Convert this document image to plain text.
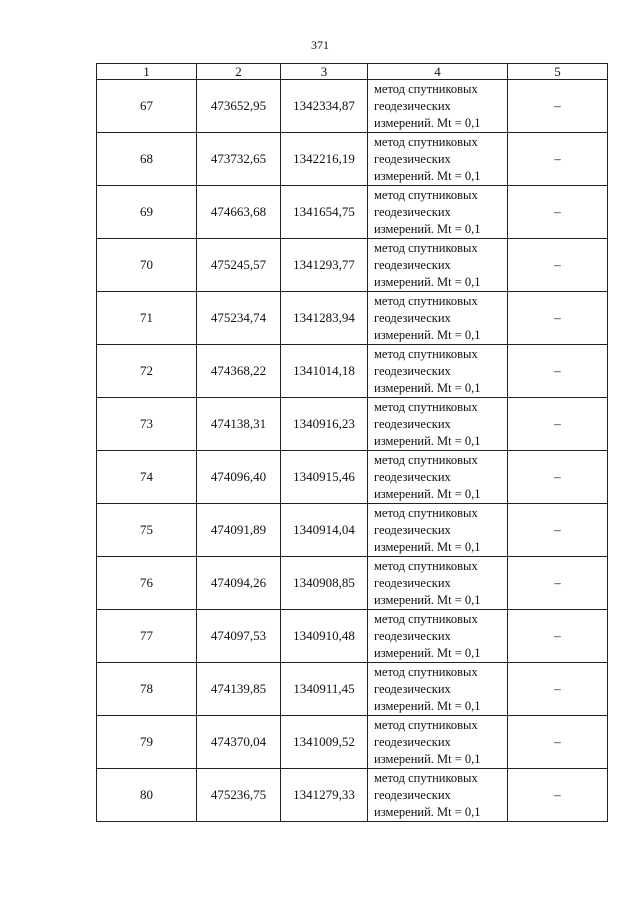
371
1	2	3	4	5
67	473652,95	1342334,87	метод спутниковых
геодезических
измерений. Mt = 0,1	–
68	473732,65	1342216,19	метод спутниковых
геодезических
измерений. Mt = 0,1	–
69	474663,68	1341654,75	метод спутниковых
геодезических
измерений. Mt = 0,1	–
70	475245,57	1341293,77	метод спутниковых
геодезических
измерений. Mt = 0,1	–
71	475234,74	1341283,94	метод спутниковых
геодезических
измерений. Mt = 0,1	–
72	474368,22	1341014,18	метод спутниковых
геодезических
измерений. Mt = 0,1	–
73	474138,31	1340916,23	метод спутниковых
геодезических
измерений. Mt = 0,1	–
74	474096,40	1340915,46	метод спутниковых
геодезических
измерений. Mt = 0,1	–
75	474091,89	1340914,04	метод спутниковых
геодезических
измерений. Mt = 0,1	–
76	474094,26	1340908,85	метод спутниковых
геодезических
измерений. Mt = 0,1	–
77	474097,53	1340910,48	метод спутниковых
геодезических
измерений. Mt = 0,1	–
78	474139,85	1340911,45	метод спутниковых
геодезических
измерений. Mt = 0,1	–
79	474370,04	1341009,52	метод спутниковых
геодезических
измерений. Mt = 0,1	–
80	475236,75	1341279,33	метод спутниковых
геодезических
измерений. Mt = 0,1	–
